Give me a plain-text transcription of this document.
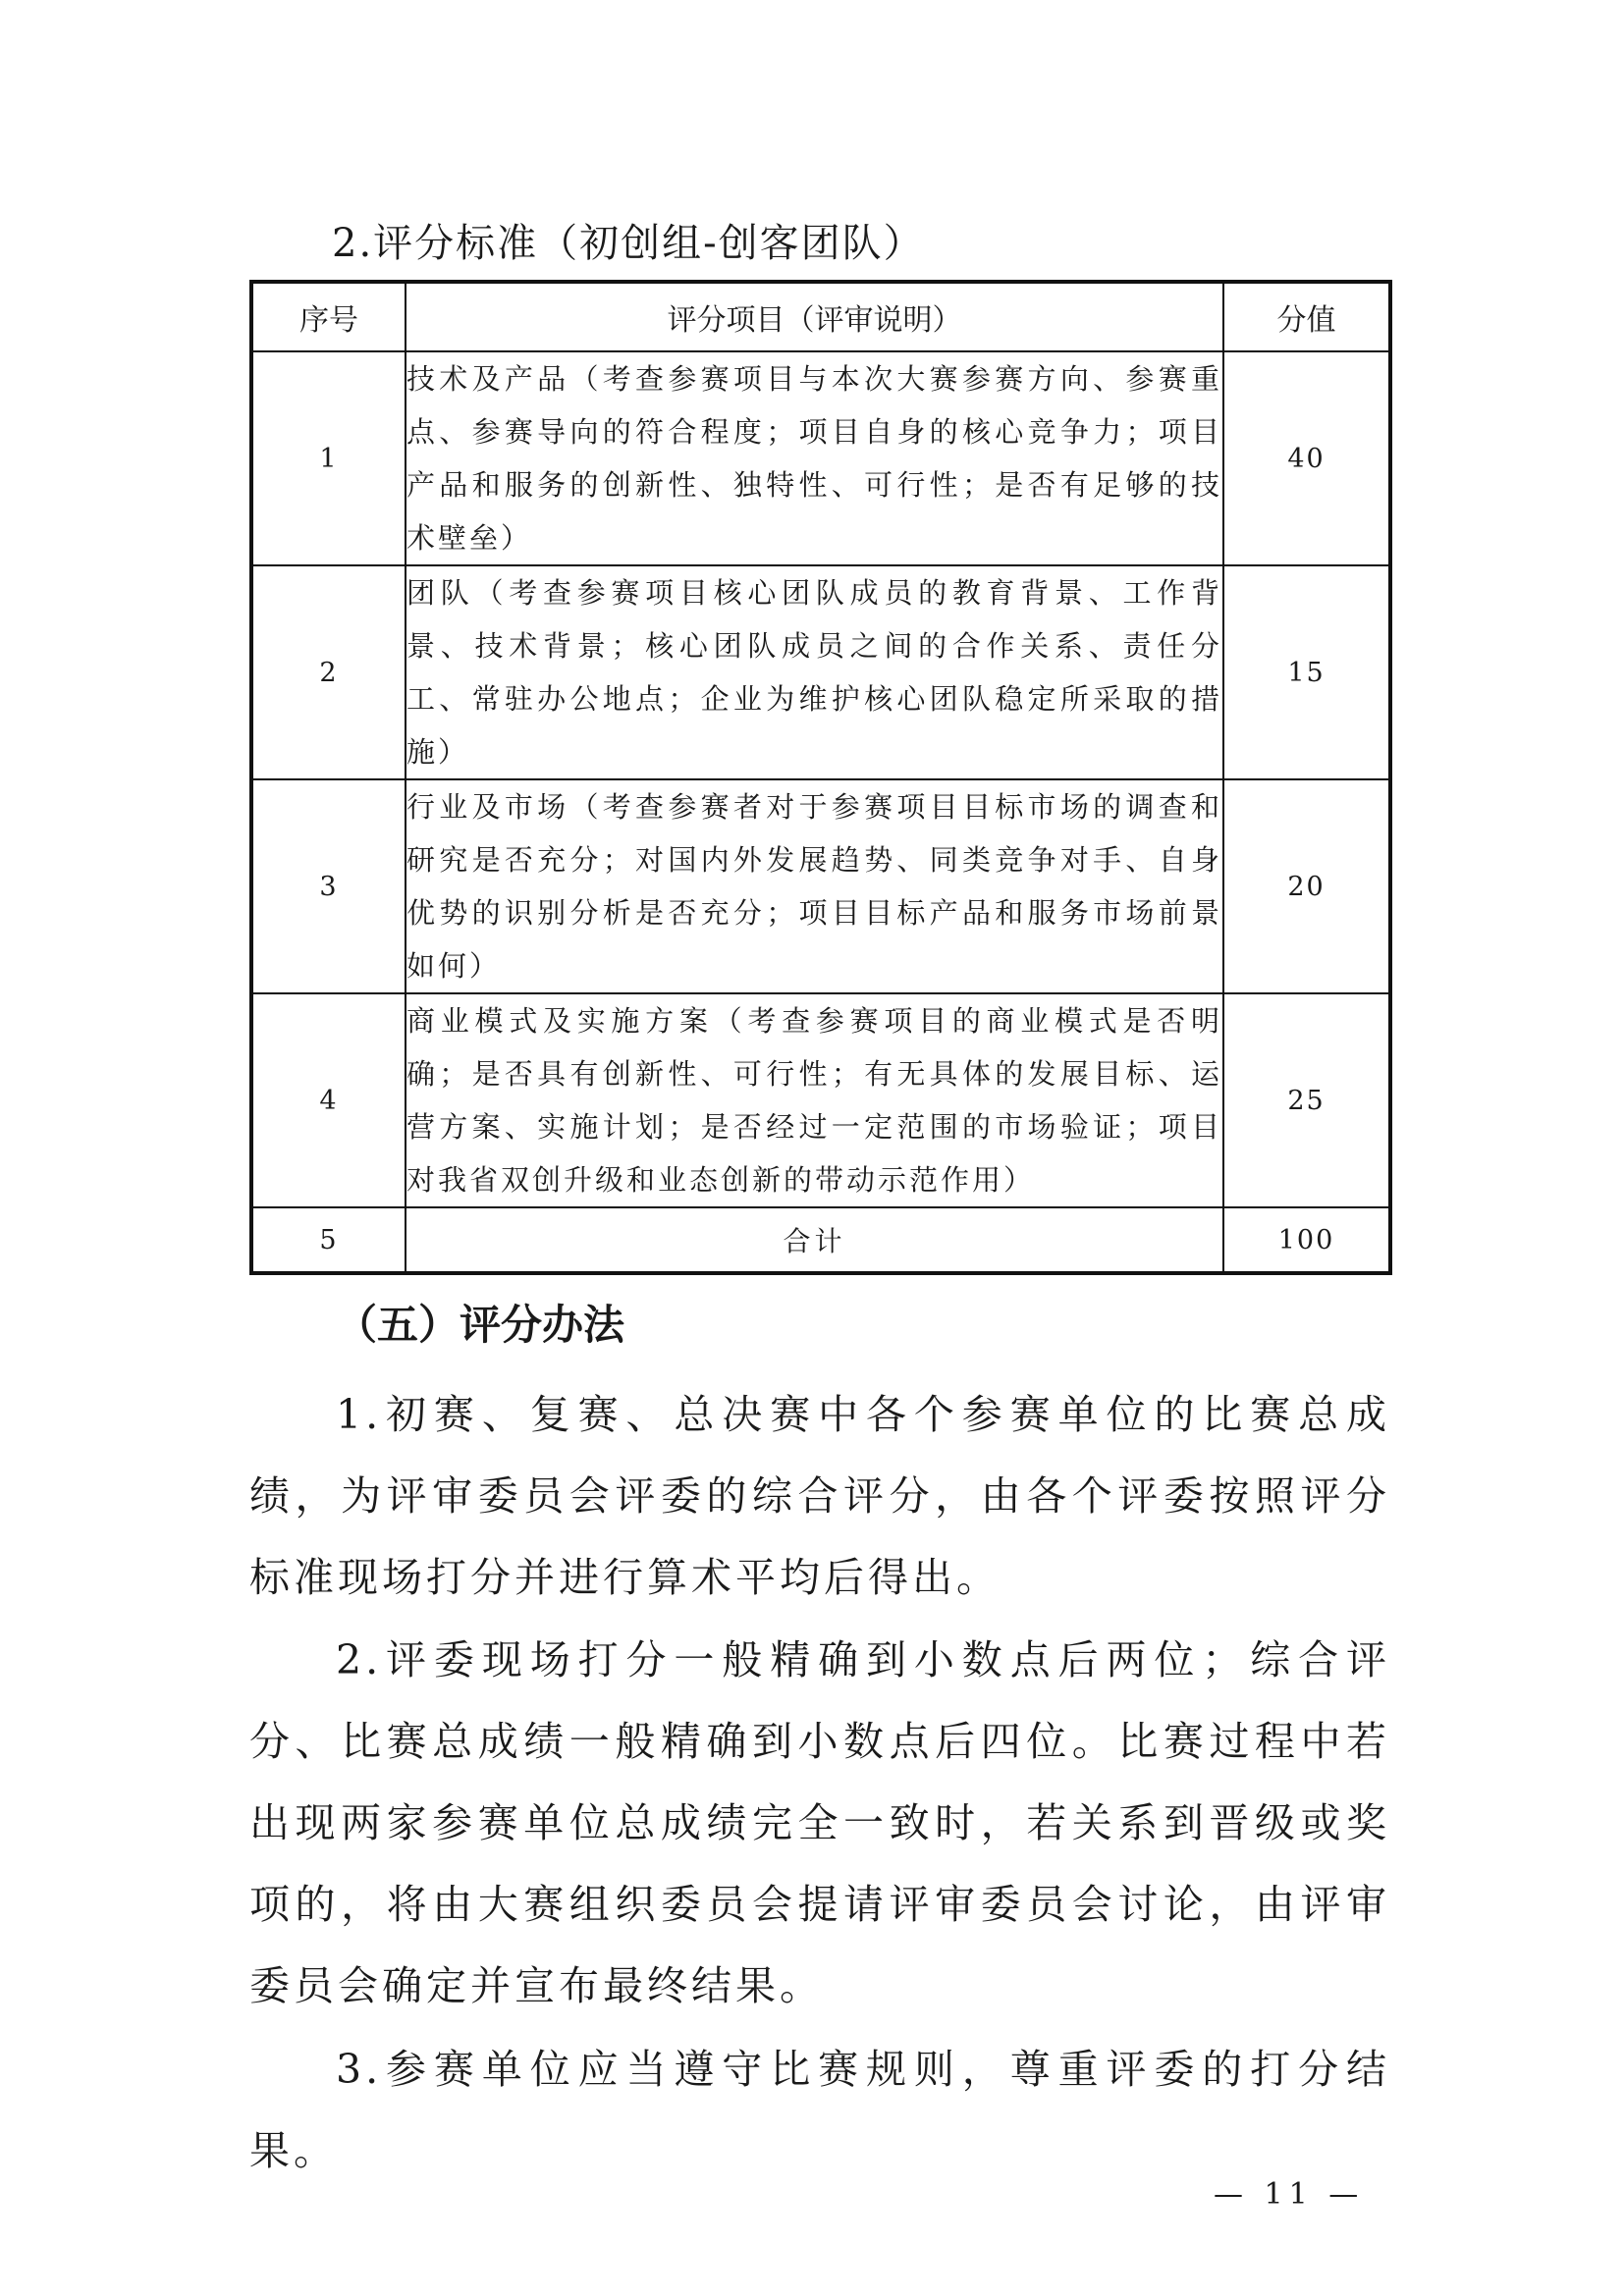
2.评分标准（初创组-创客团队）
序号	评分项目（评审说明）	分值
1	技术及产品（考查参赛项目与本次大赛参赛方向、参赛重点、参赛导向的符合程度；项目自身的核心竞争力；项目产品和服务的创新性、独特性、可行性；是否有足够的技术壁垒）	40
2	团队（考查参赛项目核心团队成员的教育背景、工作背景、技术背景；核心团队成员之间的合作关系、责任分工、常驻办公地点；企业为维护核心团队稳定所采取的措施）	15
3	行业及市场（考查参赛者对于参赛项目目标市场的调查和研究是否充分；对国内外发展趋势、同类竞争对手、自身优势的识别分析是否充分；项目目标产品和服务市场前景如何）	20
4	商业模式及实施方案（考查参赛项目的商业模式是否明确；是否具有创新性、可行性；有无具体的发展目标、运营方案、实施计划；是否经过一定范围的市场验证；项目对我省双创升级和业态创新的带动示范作用）	25
5	合计	100
（五）评分办法

1.初赛、复赛、总决赛中各个参赛单位的比赛总成绩，为评审委员会评委的综合评分，由各个评委按照评分标准现场打分并进行算术平均后得出。

2.评委现场打分一般精确到小数点后两位；综合评分、比赛总成绩一般精确到小数点后四位。比赛过程中若出现两家参赛单位总成绩完全一致时，若关系到晋级或奖项的，将由大赛组织委员会提请评审委员会讨论，由评审委员会确定并宣布最终结果。

3.参赛单位应当遵守比赛规则，尊重评委的打分结果。

— 11 —
